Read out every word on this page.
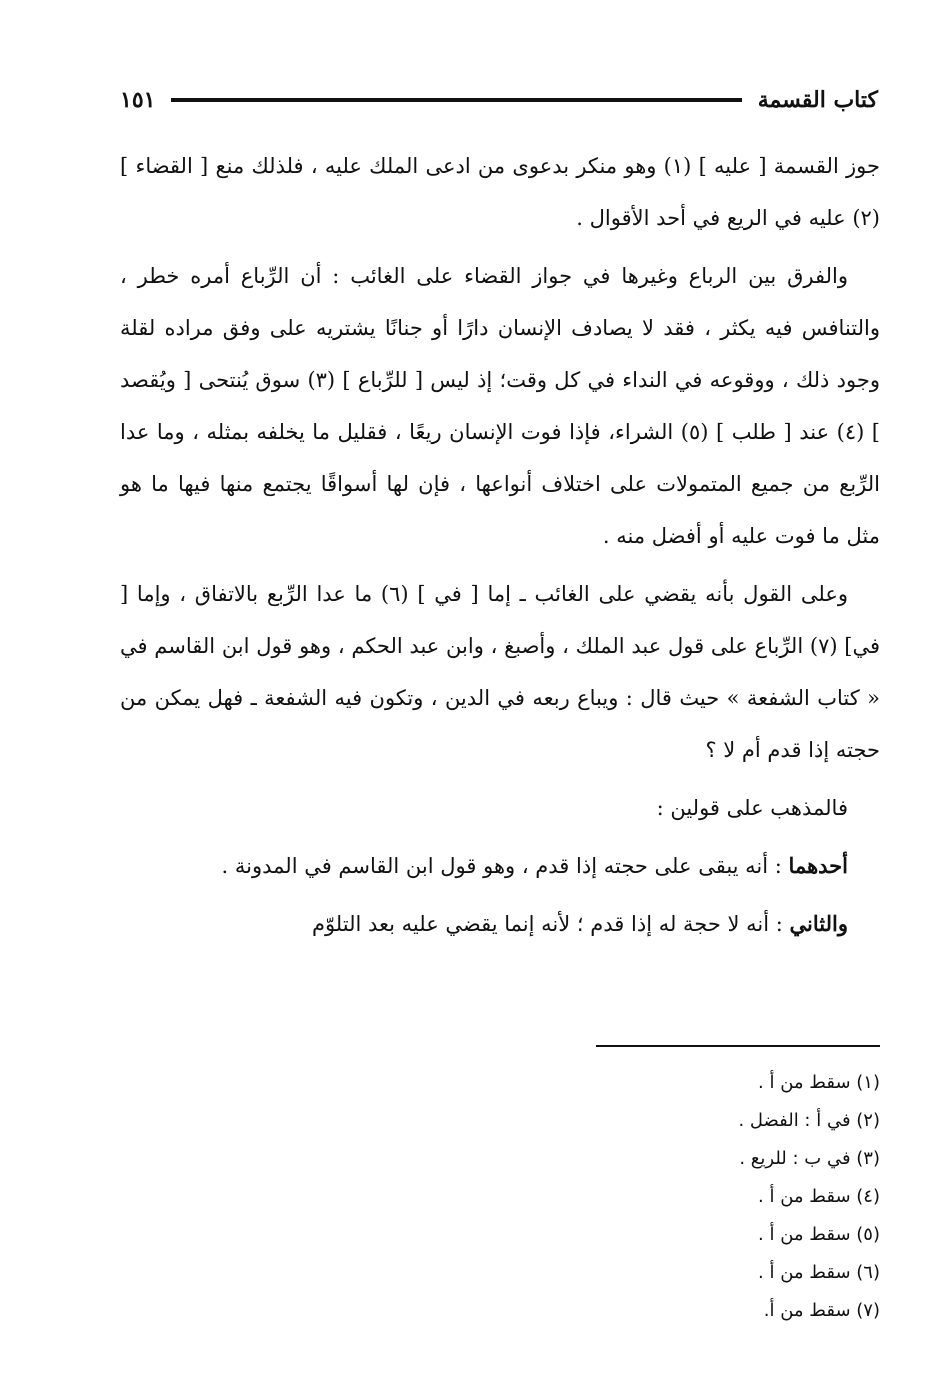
كتاب القسمة
١٥١

جوز القسمة [ عليه ] (١) وهو منكر بدعوى من ادعى الملك عليه ، فلذلك منع [ القضاء ] (٢) عليه في الريع في أحد الأقوال .

والفرق بين الرباع وغيرها في جواز القضاء على الغائب : أن الرِّباع أمره خطر ، والتنافس فيه يكثر ، فقد لا يصادف الإنسان دارًا أو جنانًا يشتريه على وفق مراده لقلة وجود ذلك ، ووقوعه في النداء في كل وقت؛ إذ ليس [ للرِّباع ] (٣) سوق يُنتحى [ ويُقصد ] (٤) عند [ طلب ] (٥) الشراء، فإذا فوت الإنسان ريعًا ، فقليل ما يخلفه بمثله ، وما عدا الرِّبع من جميع المتمولات على اختلاف أنواعها ، فإن لها أسواقًا يجتمع منها فيها ما هو مثل ما فوت عليه أو أفضل منه .

وعلى القول بأنه يقضي على الغائب ـ إما [ في ] (٦) ما عدا الرِّبع بالاتفاق ، وإما [ في] (٧) الرِّباع على قول عبد الملك ، وأصبغ ، وابن عبد الحكم ، وهو قول ابن القاسم في « كتاب الشفعة » حيث قال : ويباع ربعه في الدين ، وتكون فيه الشفعة ـ فهل يمكن من حجته إذا قدم أم لا ؟

فالمذهب على قولين :

أحدهما : أنه يبقى على حجته إذا قدم ، وهو قول ابن القاسم في المدونة .

والثاني : أنه لا حجة له إذا قدم ؛ لأنه إنما يقضي عليه بعد التلوّم

(١) سقط من أ .
(٢) في أ : الفضل .
(٣) في ب : للريع .
(٤) سقط من أ .
(٥) سقط من أ .
(٦) سقط من أ .
(٧) سقط من أ.
